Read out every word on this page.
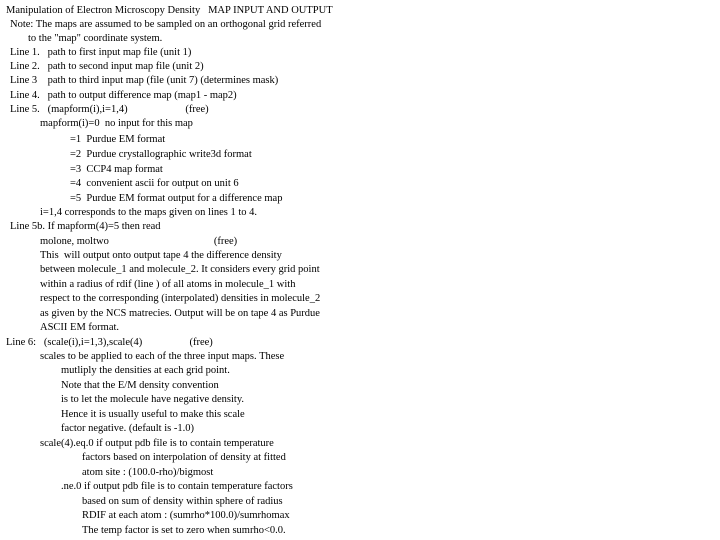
Manipulation of Electron Microscopy Density   MAP INPUT AND OUTPUT
Note: The maps are assumed to be sampled on an orthogonal grid referred
to the "map" coordinate system.
Line 1.   path to first input map file (unit 1)
Line 2.   path to second input map file (unit 2)
Line 3    path to third input map (file (unit 7) (determines mask)
Line 4.   path to output difference map (map1 - map2)
Line 5.   (mapform(i),i=1,4)                      (free)
mapform(i)=0  no input for this map
=1  Purdue EM format
=2  Purdue crystallographic write3d format
=3  CCP4 map format
=4  convenient ascii for output on unit 6
=5  Purdue EM format output for a difference map
i=1,4 corresponds to the maps given on lines 1 to 4.
Line 5b. If mapform(4)=5 then read
molone, moltwo                                        (free)
This  will output onto output tape 4 the difference density
between molecule_1 and molecule_2. It considers every grid point
within a radius of rdif (line ) of all atoms in molecule_1 with
respect to the corresponding (interpolated) densities in molecule_2
as given by the NCS matrecies. Output will be on tape 4 as Purdue
ASCII EM format.
Line 6:   (scale(i),i=1,3),scale(4)                  (free)
scales to be applied to each of the three input maps. These
mutliply the densities at each grid point.
Note that the E/M density convention
is to let the molecule have negative density.
Hence it is usually useful to make this scale
factor negative. (default is -1.0)
scale(4).eq.0 if output pdb file is to contain temperature
factors based on interpolation of density at fitted
atom site : (100.0-rho)/bigmost
.ne.0 if output pdb file is to contain temperature factors
based on sum of density within sphere of radius
RDIF at each atom : (sumrho*100.0)/sumrhomax
The temp factor is set to zero when sumrho<0.0.
